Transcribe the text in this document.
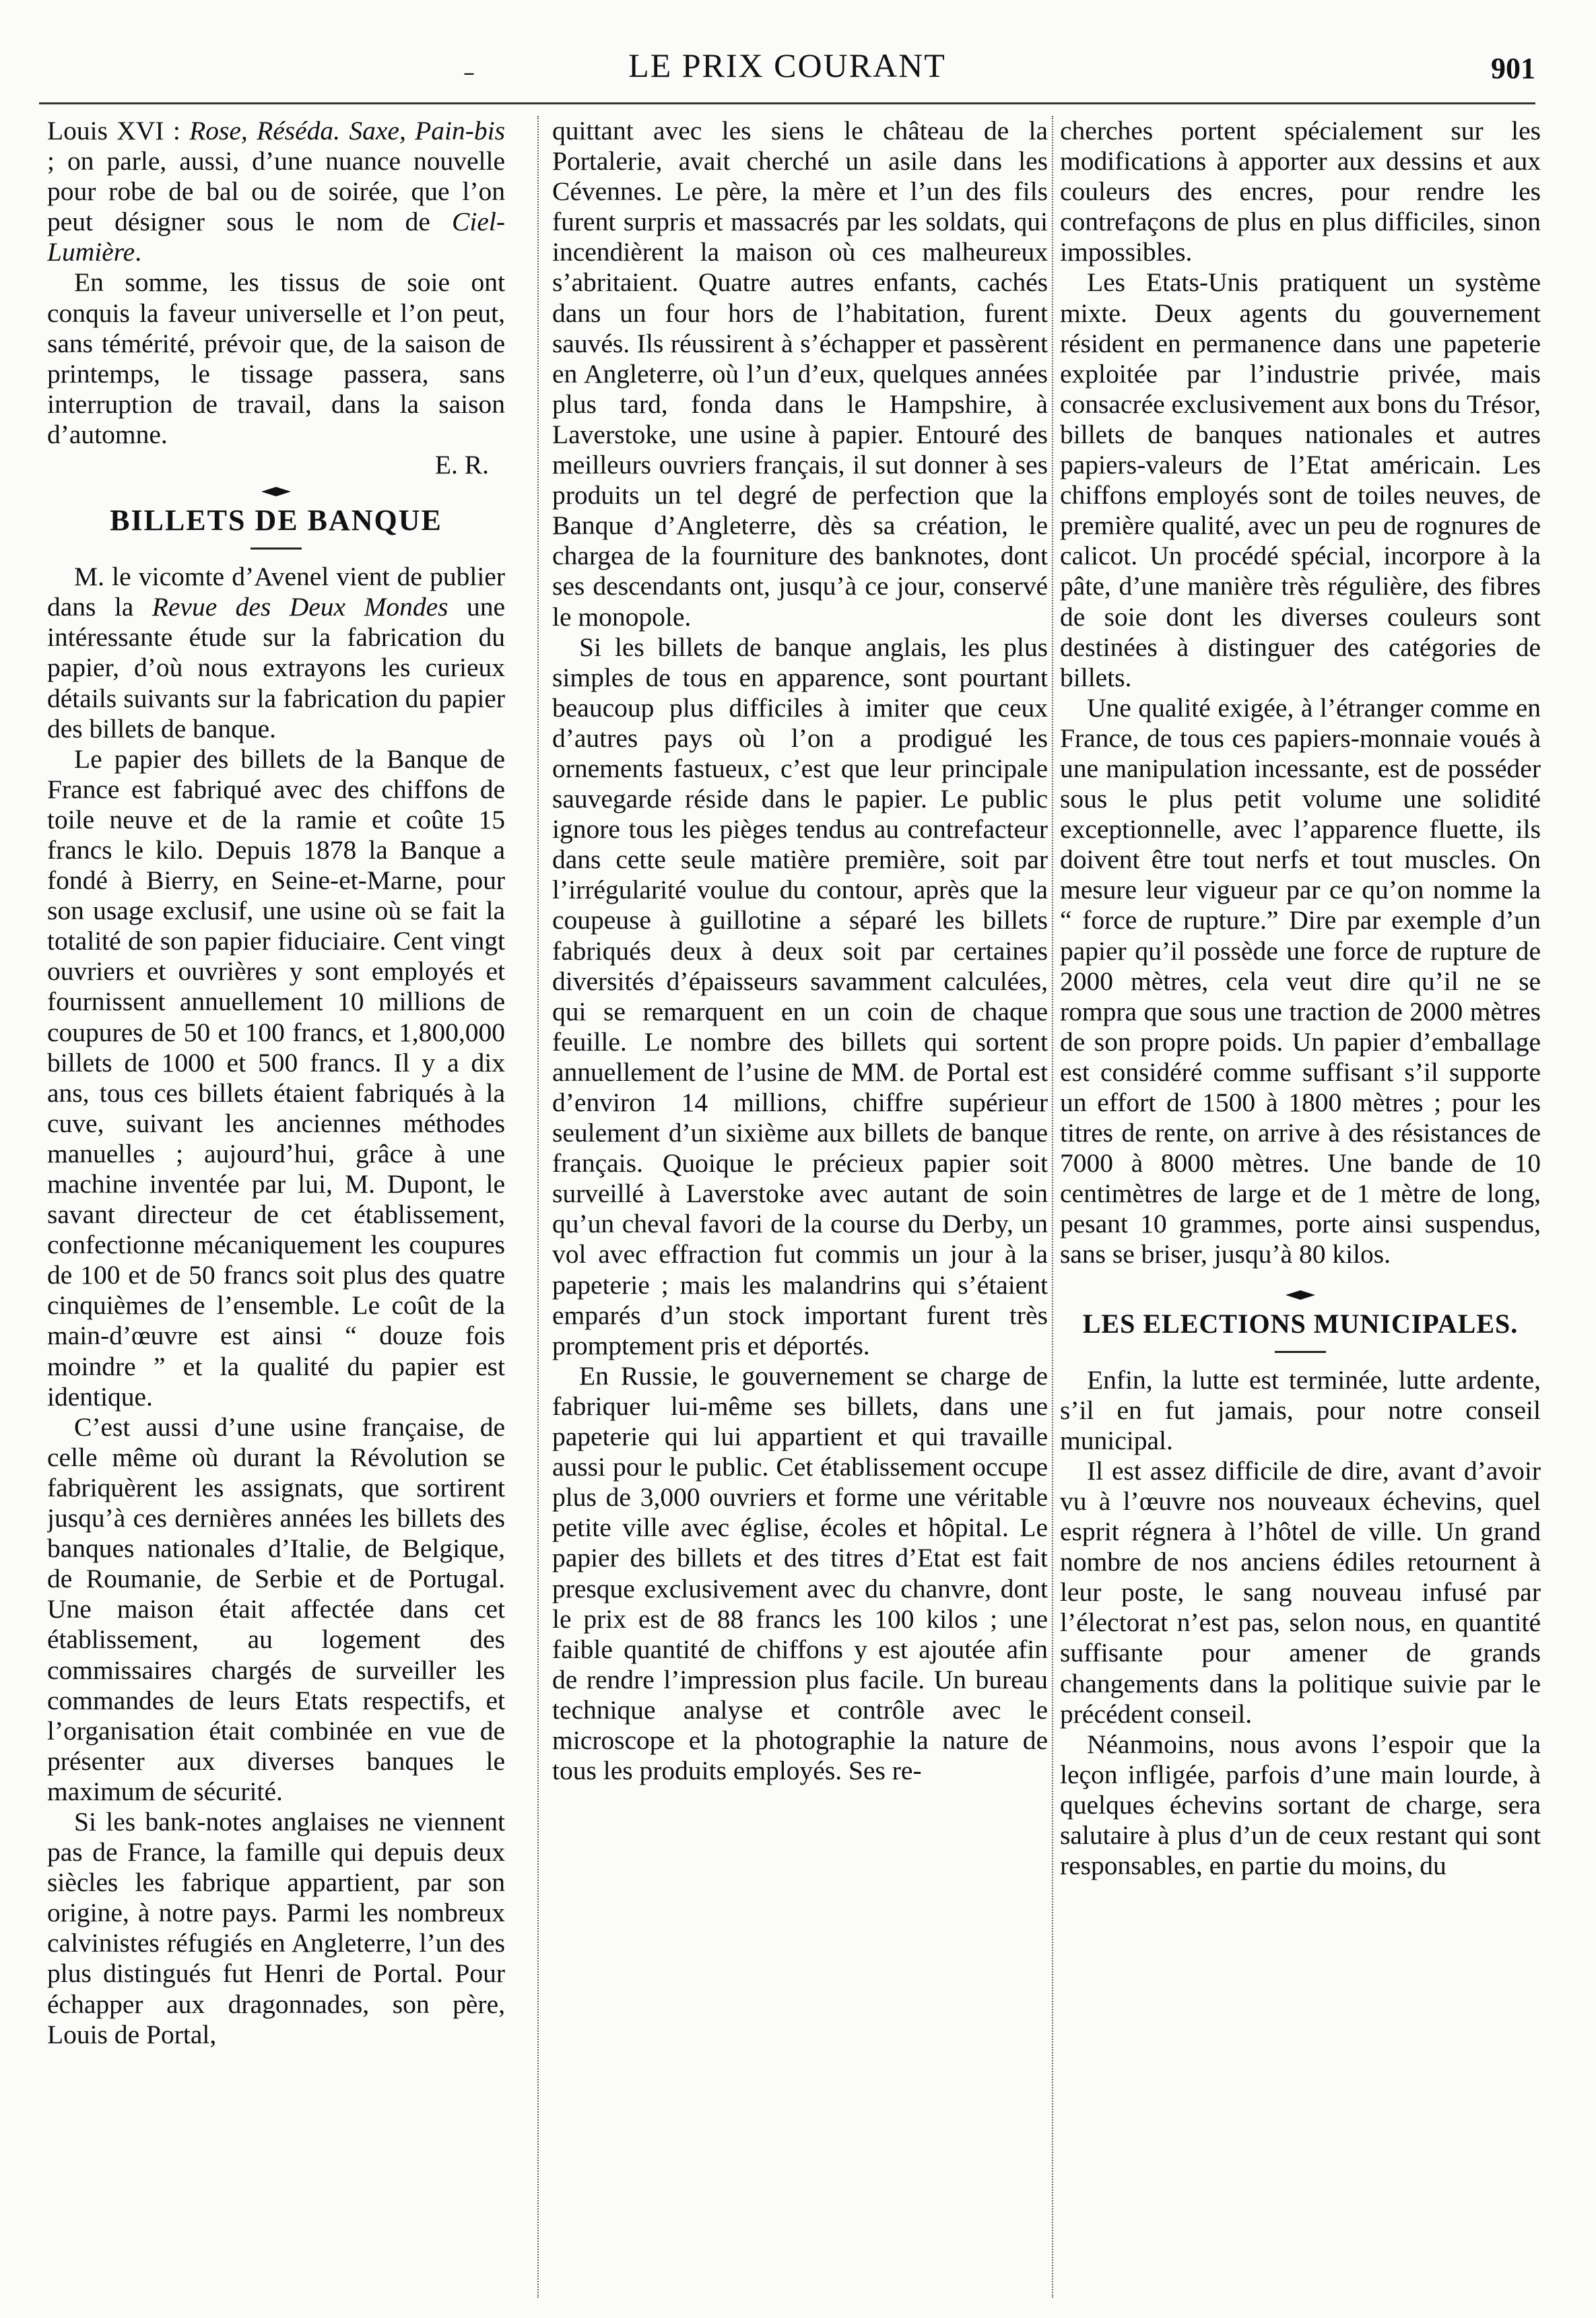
–	LE PRIX COURANT	901

Louis XVI : Rose, Réséda. Saxe, Pain-bis ; on parle, aussi, d’une nuance nouvelle pour robe de bal ou de soirée, que l’on peut désigner sous le nom de Ciel-Lumière.

En somme, les tissus de soie ont conquis la faveur universelle et l’on peut, sans témérité, prévoir que, de la saison de printemps, le tissage passera, sans interruption de travail, dans la saison d’automne.

E. R.

BILLETS DE BANQUE

M. le vicomte d’Avenel vient de publier dans la Revue des Deux Mondes une intéressante étude sur la fabrication du papier, d’où nous extrayons les curieux détails suivants sur la fabrication du papier des billets de banque.

Le papier des billets de la Banque de France est fabriqué avec des chiffons de toile neuve et de la ramie et coûte 15 francs le kilo. Depuis 1878 la Banque a fondé à Bierry, en Seine-et-Marne, pour son usage exclusif, une usine où se fait la totalité de son papier fiduciaire. Cent vingt ouvriers et ouvrières y sont employés et fournissent annuellement 10 millions de coupures de 50 et 100 francs, et 1,800,000 billets de 1000 et 500 francs. Il y a dix ans, tous ces billets étaient fabriqués à la cuve, suivant les anciennes méthodes manuelles ; aujourd’hui, grâce à une machine inventée par lui, M. Dupont, le savant directeur de cet établissement, confectionne mécaniquement les coupures de 100 et de 50 francs soit plus des quatre cinquièmes de l’ensemble. Le coût de la main-d’œuvre est ainsi “ douze fois moindre ” et la qualité du papier est identique.

C’est aussi d’une usine française, de celle même où durant la Révolution se fabriquèrent les assignats, que sortirent jusqu’à ces dernières années les billets des banques nationales d’Italie, de Belgique, de Roumanie, de Serbie et de Portugal. Une maison était affectée dans cet établissement, au logement des commissaires chargés de surveiller les commandes de leurs Etats respectifs, et l’organisation était combinée en vue de présenter aux diverses banques le maximum de sécurité.

Si les bank-notes anglaises ne viennent pas de France, la famille qui depuis deux siècles les fabrique appartient, par son origine, à notre pays. Parmi les nombreux calvinistes réfugiés en Angleterre, l’un des plus distingués fut Henri de Portal. Pour échapper aux dragonnades, son père, Louis de Portal,

quittant avec les siens le château de la Portalerie, avait cherché un asile dans les Cévennes. Le père, la mère et l’un des fils furent surpris et massacrés par les soldats, qui incendièrent la maison où ces malheureux s’abritaient. Quatre autres enfants, cachés dans un four hors de l’habitation, furent sauvés. Ils réussirent à s’échapper et passèrent en Angleterre, où l’un d’eux, quelques années plus tard, fonda dans le Hampshire, à Laverstoke, une usine à papier. Entouré des meilleurs ouvriers français, il sut donner à ses produits un tel degré de perfection que la Banque d’Angleterre, dès sa création, le chargea de la fourniture des banknotes, dont ses descendants ont, jusqu’à ce jour, conservé le monopole.

Si les billets de banque anglais, les plus simples de tous en apparence, sont pourtant beaucoup plus difficiles à imiter que ceux d’autres pays où l’on a prodigué les ornements fastueux, c’est que leur principale sauvegarde réside dans le papier. Le public ignore tous les pièges tendus au contrefacteur dans cette seule matière première, soit par l’irrégularité voulue du contour, après que la coupeuse à guillotine a séparé les billets fabriqués deux à deux soit par certaines diversités d’épaisseurs savamment calculées, qui se remarquent en un coin de chaque feuille. Le nombre des billets qui sortent annuellement de l’usine de MM. de Portal est d’environ 14 millions, chiffre supérieur seulement d’un sixième aux billets de banque français. Quoique le précieux papier soit surveillé à Laverstoke avec autant de soin qu’un cheval favori de la course du Derby, un vol avec effraction fut commis un jour à la papeterie ; mais les malandrins qui s’étaient emparés d’un stock important furent très promptement pris et déportés.

En Russie, le gouvernement se charge de fabriquer lui-même ses billets, dans une papeterie qui lui appartient et qui travaille aussi pour le public. Cet établissement occupe plus de 3,000 ouvriers et forme une véritable petite ville avec église, écoles et hôpital. Le papier des billets et des titres d’Etat est fait presque exclusivement avec du chanvre, dont le prix est de 88 francs les 100 kilos ; une faible quantité de chiffons y est ajoutée afin de rendre l’impression plus facile. Un bureau technique analyse et contrôle avec le microscope et la photographie la nature de tous les produits employés. Ses re-

cherches portent spécialement sur les modifications à apporter aux dessins et aux couleurs des encres, pour rendre les contrefaçons de plus en plus difficiles, sinon impossibles.

Les Etats-Unis pratiquent un système mixte. Deux agents du gouvernement résident en permanence dans une papeterie exploitée par l’industrie privée, mais consacrée exclusivement aux bons du Trésor, billets de banques nationales et autres papiers-valeurs de l’Etat américain. Les chiffons employés sont de toiles neuves, de première qualité, avec un peu de rognures de calicot. Un procédé spécial, incorpore à la pâte, d’une manière très régulière, des fibres de soie dont les diverses couleurs sont destinées à distinguer des catégories de billets.

Une qualité exigée, à l’étranger comme en France, de tous ces papiers-monnaie voués à une manipulation incessante, est de posséder sous le plus petit volume une solidité exceptionnelle, avec l’apparence fluette, ils doivent être tout nerfs et tout muscles. On mesure leur vigueur par ce qu’on nomme la “ force de rupture.” Dire par exemple d’un papier qu’il possède une force de rupture de 2000 mètres, cela veut dire qu’il ne se rompra que sous une traction de 2000 mètres de son propre poids. Un papier d’emballage est considéré comme suffisant s’il supporte un effort de 1500 à 1800 mètres ; pour les titres de rente, on arrive à des résistances de 7000 à 8000 mètres. Une bande de 10 centimètres de large et de 1 mètre de long, pesant 10 grammes, porte ainsi suspendus, sans se briser, jusqu’à 80 kilos.

LES ELECTIONS MUNICIPALES.

Enfin, la lutte est terminée, lutte ardente, s’il en fut jamais, pour notre conseil municipal.

Il est assez difficile de dire, avant d’avoir vu à l’œuvre nos nouveaux échevins, quel esprit régnera à l’hôtel de ville. Un grand nombre de nos anciens édiles retournent à leur poste, le sang nouveau infusé par l’électorat n’est pas, selon nous, en quantité suffisante pour amener de grands changements dans la politique suivie par le précédent conseil.

Néanmoins, nous avons l’espoir que la leçon infligée, parfois d’une main lourde, à quelques échevins sortant de charge, sera salutaire à plus d’un de ceux restant qui sont responsables, en partie du moins, du
